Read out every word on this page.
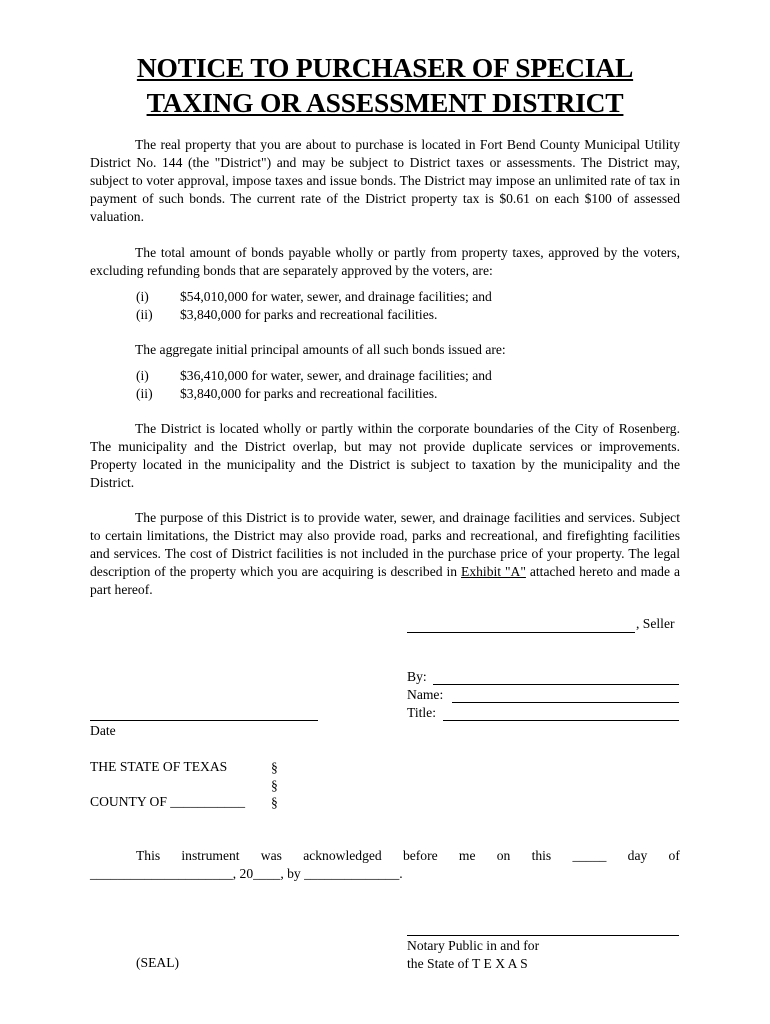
NOTICE TO PURCHASER OF SPECIAL
TAXING OR ASSESSMENT DISTRICT

The real property that you are about to purchase is located in Fort Bend County Municipal Utility District No. 144 (the "District") and may be subject to District taxes or assessments. The District may, subject to voter approval, impose taxes and issue bonds. The District may impose an unlimited rate of tax in payment of such bonds. The current rate of the District property tax is $0.61 on each $100 of assessed valuation.

The total amount of bonds payable wholly or partly from property taxes, approved by the voters, excluding refunding bonds that are separately approved by the voters, are:

(i)	$54,010,000 for water, sewer, and drainage facilities; and
(ii)	$3,840,000 for parks and recreational facilities.

The aggregate initial principal amounts of all such bonds issued are:

(i)	$36,410,000 for water, sewer, and drainage facilities; and
(ii)	$3,840,000 for parks and recreational facilities.

The District is located wholly or partly within the corporate boundaries of the City of Rosenberg. The municipality and the District overlap, but may not provide duplicate services or improvements. Property located in the municipality and the District is subject to taxation by the municipality and the District.

The purpose of this District is to provide water, sewer, and drainage facilities and services. Subject to certain limitations, the District may also provide road, parks and recreational, and firefighting facilities and services. The cost of District facilities is not included in the purchase price of your property. The legal description of the property which you are acquiring is described in Exhibit "A" attached hereto and made a part hereof.

, Seller
By:
Name:
Title:
Date
THE STATE OF TEXAS
COUNTY OF ___________
§
§
§
This instrument was acknowledged before me on this _____ day of
_____________________, 20____, by ______________.
Notary Public in and for
the State of T E X A S
(SEAL)
